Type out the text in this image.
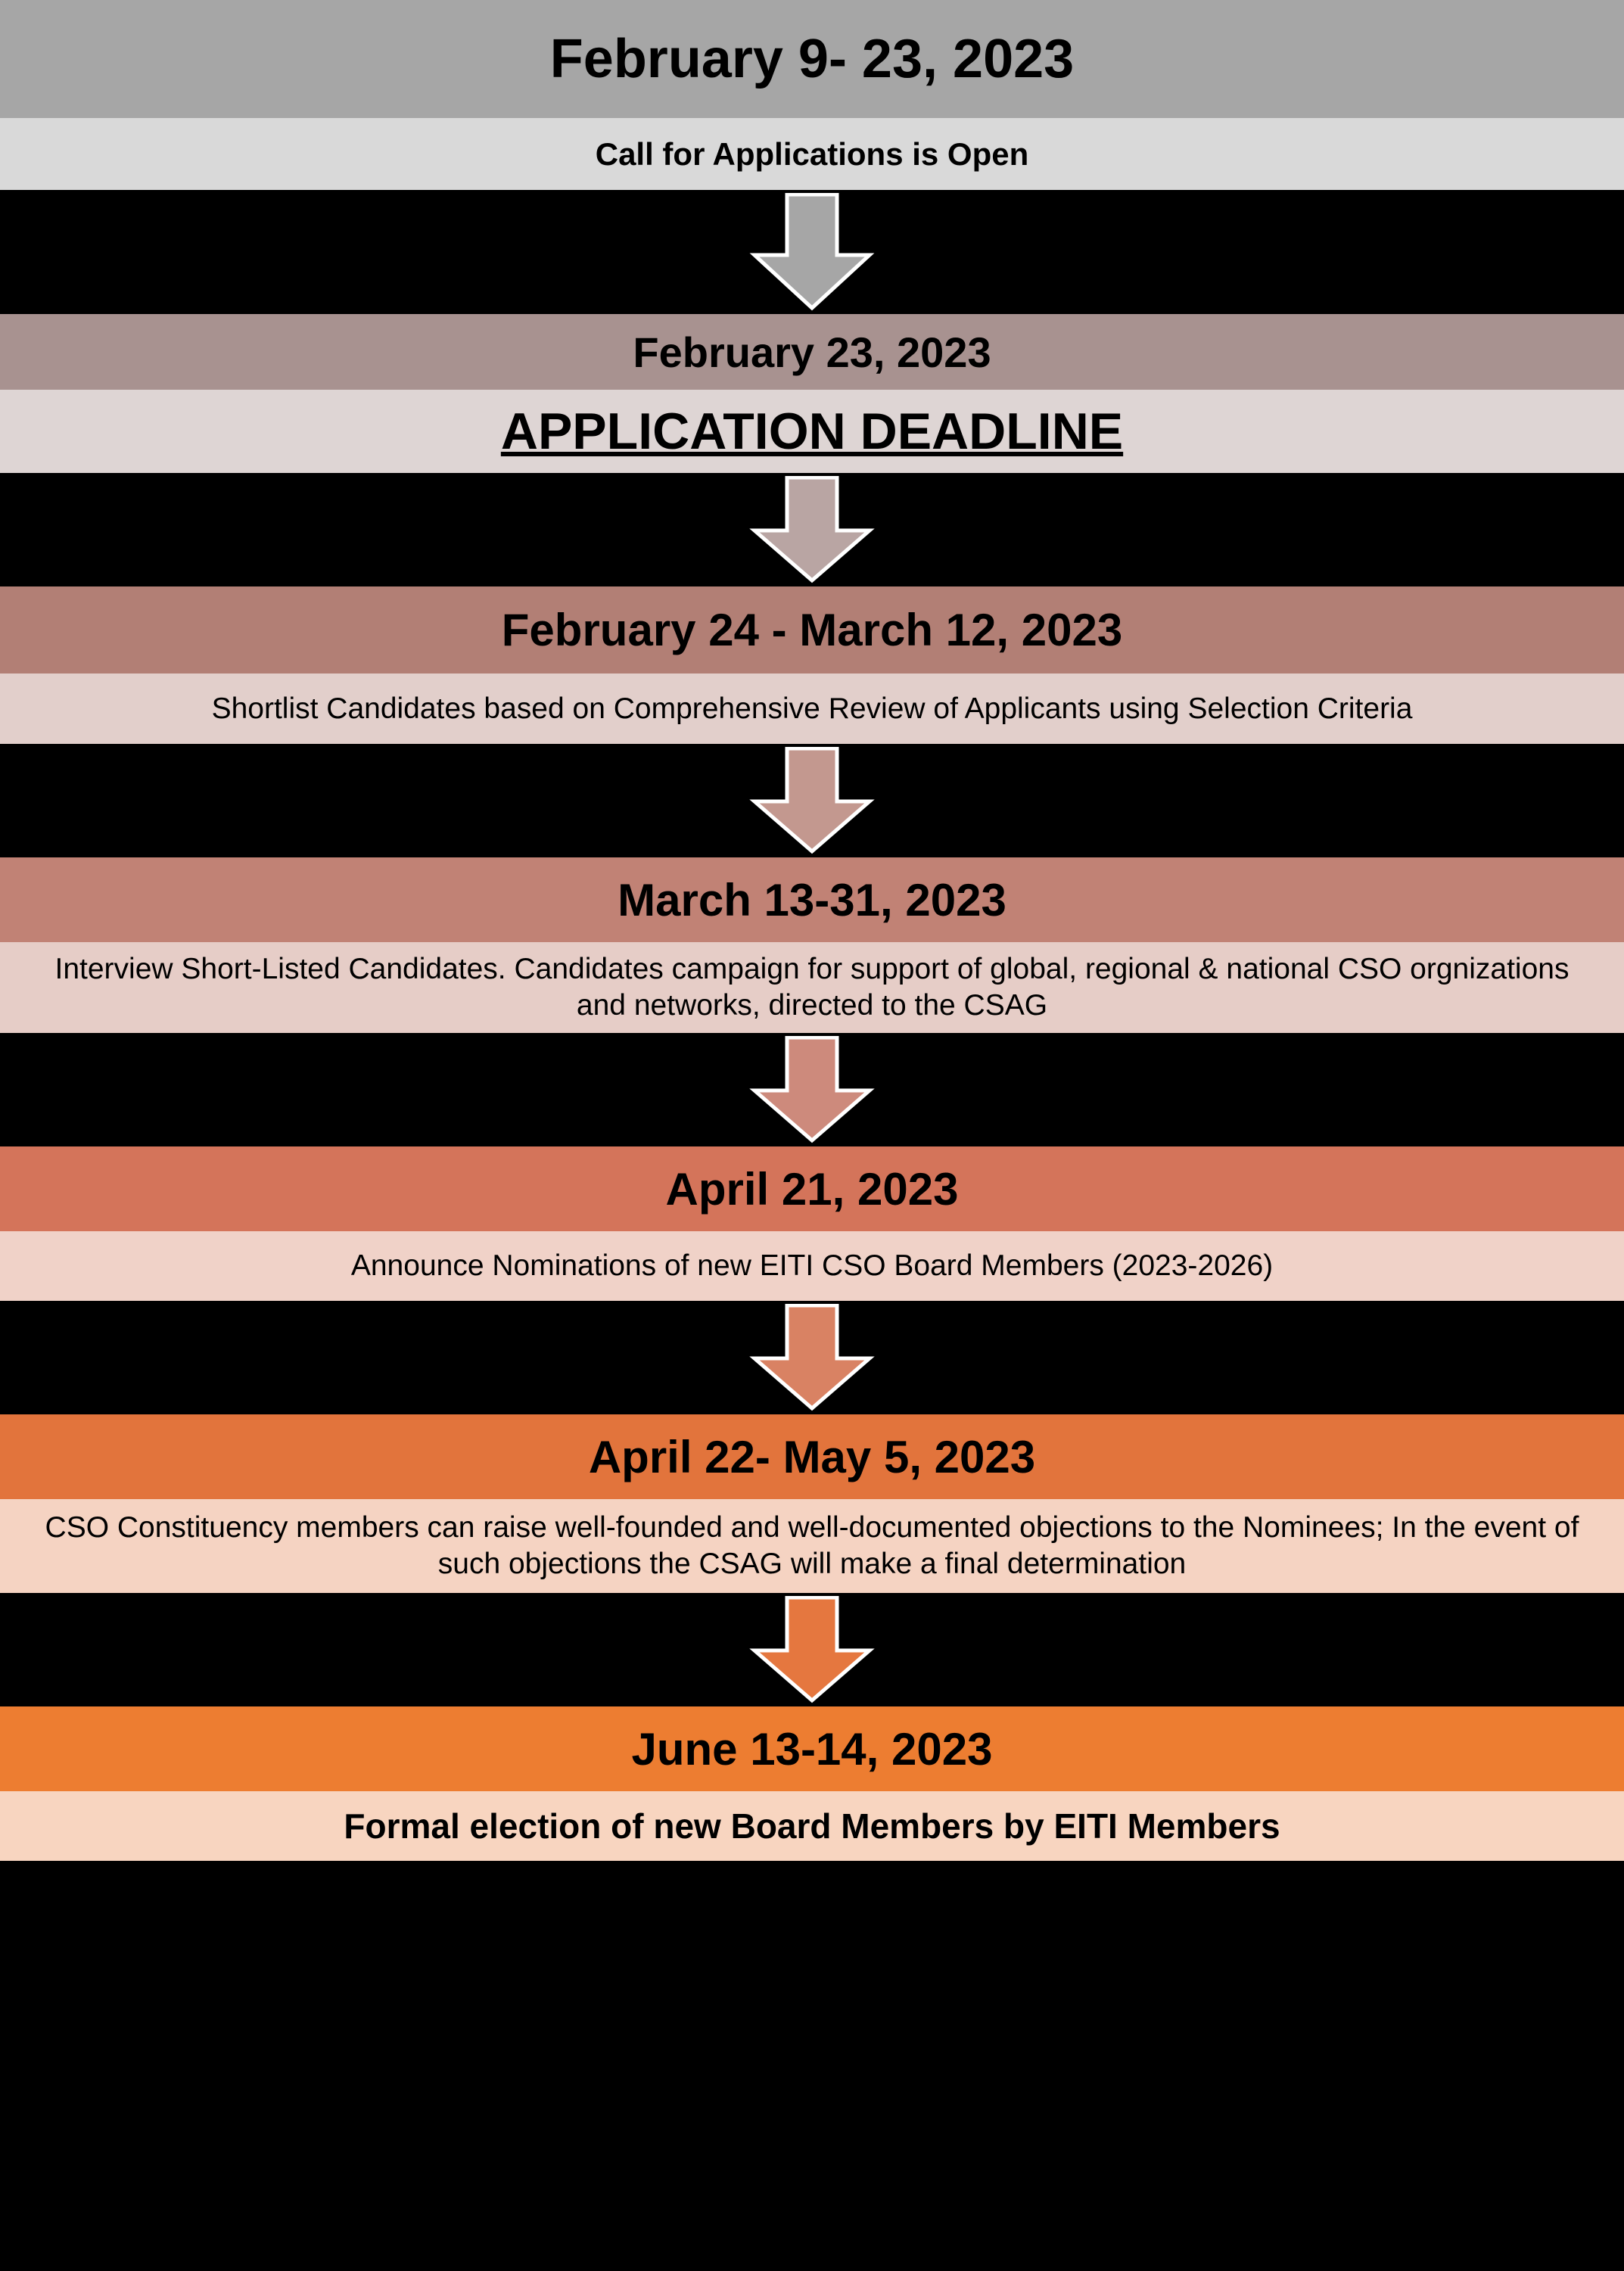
February 9- 23, 2023
Call for Applications is Open
February 23, 2023
APPLICATION DEADLINE
February 24 - March 12, 2023
Shortlist Candidates based on Comprehensive Review of Applicants using Selection Criteria
March 13-31, 2023
Interview Short-Listed Candidates. Candidates campaign for support of global, regional & national CSO orgnizations and networks, directed to the CSAG
April 21, 2023
Announce Nominations of new EITI CSO Board Members (2023-2026)
April 22- May 5, 2023
CSO Constituency members can raise well-founded and well-documented objections to the Nominees; In the event of such objections the CSAG will make a final determination
June 13-14, 2023
Formal election of new Board Members by EITI Members
